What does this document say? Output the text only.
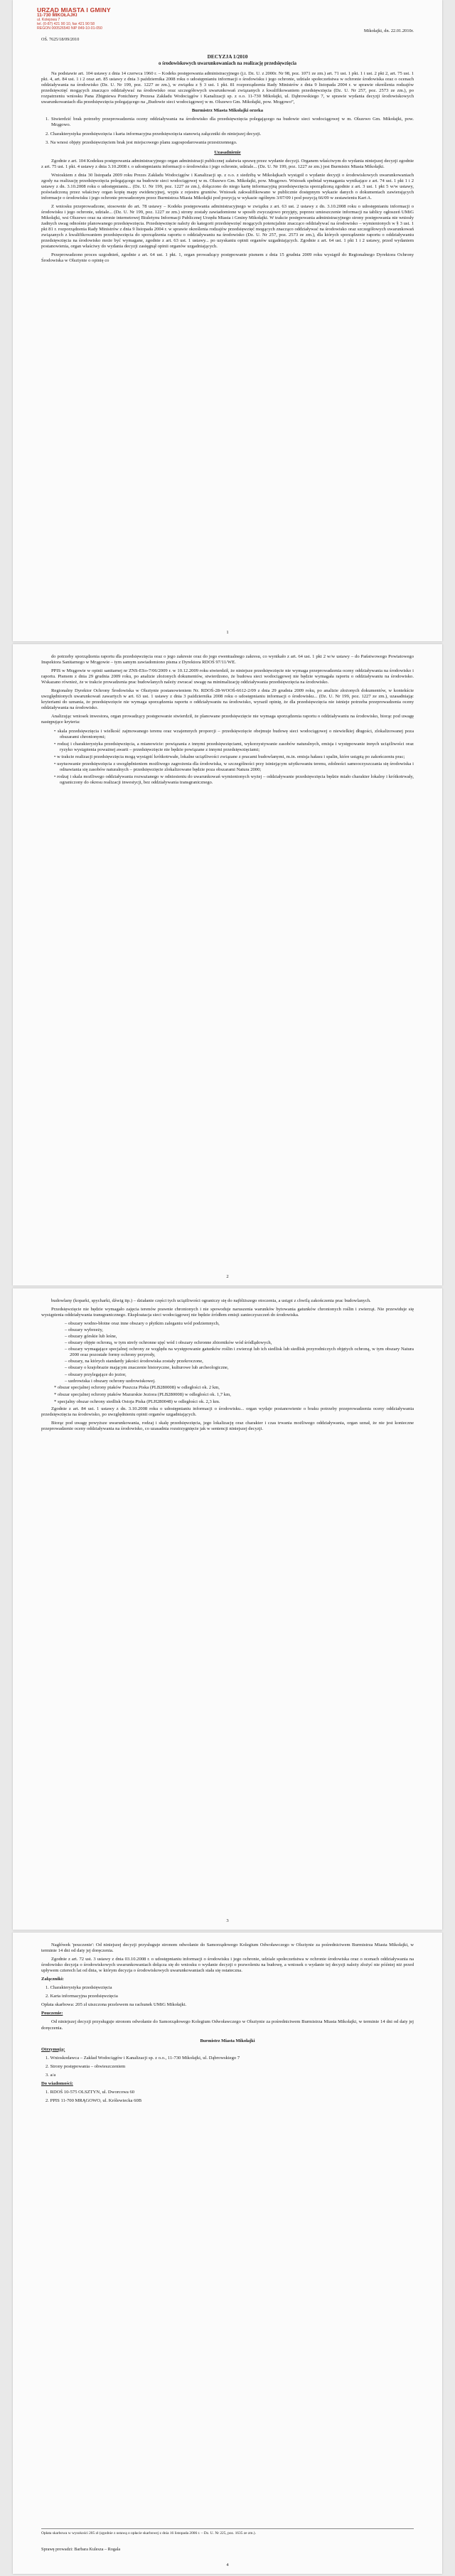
URZĄD MIASTA I GMINY
11-730 MIKOŁAJKI
ul. Kolejowa 7
tel. (0-87) 421 90 10, fax 421 90 58
REGON 000526540 NIP 849-10-01-050	Mikołajki, dn. 22.01.2010r.
OŚ. 7625/18/09/2010
DECYZJA 1/2010
o środowiskowych uwarunkowaniach na realizację przedsięwzięcia

Na podstawie art. 104 ustawy z dnia 14 czerwca 1960 r. – Kodeks postępowania administracyjnego (j.t. Dz. U. z 2000r. Nr 98, poz. 1071 ze zm.) art. 71 ust. 1 pkt. 1 i ust. 2 pkt 2, art. 75 ust. 1 pkt. 4, art. 84 ust. 1 i 2 oraz art. 85 ustawy z dnia 3 października 2008 roku o udostępnianiu informacji o środowisku i jego ochronie, udziale społeczeństwa w ochronie środowiska oraz o ocenach oddziaływania na środowisko (Dz. U. Nr 199, poz. 1227 ze zm.), w związku z § 3 ust. 1 pkt. 81 rozporządzenia Rady Ministrów z dnia 9 listopada 2004 r. w sprawie określenia rodzajów przedsięwzięć mogących znacząco oddziaływać na środowisko oraz szczegółowych uwarunkowań związanych z kwalifikowaniem przedsięwzięcia (Dz. U. Nr 257, poz. 2573 ze zm.), po rozpatrzeniu wniosku Pana Zbigniewa Ponichtery Prezesa Zakładu Wodociągów i Kanalizacji sp. z o.o. 11-730 Mikołajki, ul. Dąbrowskiego 7, w sprawie wydania decyzji środowiskowych uwarunkowaniach dla przedsięwzięcia polegającego na „Budowie sieci wodociągowej w m. Olszewo Gm. Mikołajki, pow. Mrągowo”,

Burmistrz Miasta Mikołajki orzeka

1. Stwierdzić brak potrzeby przeprowadzenia oceny oddziaływania na środowisko dla przedsięwzięcia polegającego na budowie sieci wodociągowej w m. Olszewo Gm. Mikołajki, pow. Mrągowo.

2. Charakterystyka przedsięwzięcia i karta informacyjna przedsięwzięcia stanowią załączniki do niniejszej decyzji.

3. Na wnosi objęty przedsięwzięciem brak jest miejscowego planu zagospodarowania przestrzennego.

Uzasadnienie

Zgodnie z art. 104 Kodeksu postępowania administracyjnego organ administracji publicznej załatwia sprawę przez wydanie decyzji. Organem właściwym do wydania niniejszej decyzji zgodnie z art. 75 ust. 1 pkt. 4 ustawy z dnia 3.10.2008 r. o udostępnianiu informacji o środowisku i jego ochronie, udziale... (Dz. U. Nr 199, poz. 1227 ze zm.) jest Burmistrz Miasta Mikołajki.

Wnioskiem z dnia 30 listopada 2009 roku Prezes Zakładu Wodociągów i Kanalizacji sp. z o.o. z siedzibą w Mikołajkach wystąpił o wydanie decyzji o środowiskowych uwarunkowaniach zgody na realizację przedsięwzięcia polegającego na budowie sieci wodociągowej w m. Olszewo Gm. Mikołajki, pow. Mrągowo. Wniosek spełniał wymagania wynikające z art. 74 ust. 1 pkt 1 i 2 ustawy z dn. 3.10.2008 roku o udostępnianiu... (Dz. U. Nr 199, poz. 1227 ze zm.), dołączono do niego kartę informacyjną przedsięwzięcia sporządzoną zgodnie z art. 3 ust. 1 pkt 5 w/w ustawy, poświadczoną przez właściwy organ kopię mapy ewidencyjnej, wypis z rejestru gruntów. Wniosek zakwalifikowano w publicznie dostępnym wykazie danych o dokumentach zawierających informacje o środowisku i jego ochronie prowadzonym przez Burmistrza Miasta Mikołajki pod pozycją w wykazie ogólnym 3/07/09 i pod pozycją 66/09 w zestawieniu Kart A.

Z wniosku przeprowadzone, stosownie do art. 78 ustawy – Kodeks postępowania administracyjnego w związku z art. 63 ust. 2 ustawy z dn. 3.10.2008 roku o udostępnianiu informacji o środowisku i jego ochronie, udziale... (Dz. U. Nr 199, poz. 1227 ze zm.) strony zostały zawiadomione w sposób zwyczajowo przyjęty, poprzez umieszczenie informacji na tablicy ogłoszeń UMiG Mikołajki, wsi Olszewo oraz na stronie internetowej Biuletynu Informacji Publicznej Urzędu Miasta i Gminy Mikołajki. W trakcie postępowania administracyjnego strony postępowania nie wniosły żadnych uwag odnośnie planowanego przedsięwzięcia. Przedsięwzięcie należy do kategorii przedsięwzięć mogących potencjalnie znacząco oddziaływać na środowisko – wymienionych w § 3 ust. 1 pkt 81 r. rozporządzenia Rady Ministrów z dnia 9 listopada 2004 r. w sprawie określenia rodzajów przedsięwzięć mogących znacząco oddziaływać na środowisko oraz szczegółowych uwarunkowań związanych z kwalifikowaniem przedsięwzięcia do sporządzenia raportu o oddziaływaniu na środowisko (Dz. U. Nr 257, poz. 2573 ze zm.), dla których sporządzenie raportu o oddziaływaniu przedsięwzięcia na środowisko może być wymagane, zgodnie z art. 63 ust. 1 ustawy... po uzyskaniu opinii organów uzgadniających. Zgodnie z art. 64 ust. 1 pkt 1 i 2 ustawy, przed wydaniem postanowienia, organ właściwy do wydania decyzji zasięgnął opinii organów uzgadniających.

Przeprowadzono proces uzgodnień, zgodnie z art. 64 ust. 1 pkt. 1, organ prowadzący postępowanie pismem z dnia 15 grudnia 2009 roku wystąpił do Regionalnego Dyrektora Ochrony Środowiska w Olsztynie o opinię co

1

do potrzeby sporządzenia raportu dla przedsięwzięcia oraz o jego zakresie oraz do jego ewentualnego zakresu, co wynikało z art. 64 ust. 1 pkt 2 w/w ustawy – do Państwowego Powiatowego Inspektora Sanitarnego w Mrągowie – tym samym zawiadomiono pisma z Dyrektora RDOŚ 97/11/WE.

PPIS w Mrągowie w opinii sanitarnej nr ZNS-ESo-7/06/2009 r. w 10.12.2009 roku stwierdził, że niniejsze przedsięwzięcie nie wymaga przeprowadzenia oceny oddziaływania na środowisko i raportu. Pismem z dnia 29 grudnia 2009 roku, po analizie złożonych dokumentów, stwierdzono, że budowa sieci wodociągowej nie będzie wymagała raportu o oddziaływaniu na środowisko. Wskazano również, że w trakcie prowadzenia prac budowlanych należy zwracać uwagę na minimalizację oddziaływania przedsięwzięcia na środowisko.

Regionalny Dyrektor Ochrony Środowiska w Olsztynie postanowieniem Nr. RDOŚ-28-WOOŚ-6612-2/09 z dnia 29 grudnia 2009 roku, po analizie złożonych dokumentów, w kontekście uwzględnionych uwarunkowań zawartych w art. 63 ust. 1 ustawy z dnia 3 października 2008 roku o udostępnianiu informacji o środowisku... (Dz. U. Nr 199, poz. 1227 ze zm.), uzasadniając kryteriami do uznania, że przedsięwzięcie nie wymaga sporządzenia raportu o oddziaływaniu na środowisko, wyraził opinię, że dla przedsięwzięcia nie istnieje potrzeba przeprowadzenia oceny oddziaływania na środowisko.

Analizując wniosek inwestora, organ prowadzący postępowanie stwierdził, że planowane przedsięwzięcie nie wymaga sporządzenia raportu o oddziaływaniu na środowisko, biorąc pod uwagę następujące kryteria:

• skala przedsięwzięcia i wielkość zajmowanego terenu oraz wzajemnych proporcji – przedsięwzięcie obejmuje budowę sieci wodociągowej o niewielkiej długości, zlokalizowanej poza obszarami chronionymi;

• rodzaj i charakterystyka przedsięwzięcia, a mianowicie: powiązania z innymi przedsięwzięciami, wykorzystywanie zasobów naturalnych, emisja i występowanie innych uciążliwości oraz ryzyko wystąpienia poważnej awarii – przedsięwzięcie nie będzie powiązane z innymi przedsięwzięciami;

• w trakcie realizacji przedsięwzięcia mogą wystąpić krótkotrwałe, lokalne uciążliwości związane z pracami budowlanymi, m.in. emisja hałasu i spalin, które ustąpią po zakończeniu prac;

• usytuowanie przedsięwzięcia z uwzględnieniem możliwego zagrożenia dla środowiska, w szczególności przy istniejącym użytkowaniu terenu, zdolności samooczyszczania się środowiska i odnawiania się zasobów naturalnych – przedsięwzięcie zlokalizowane będzie poza obszarami Natura 2000;

• rodzaj i skala możliwego oddziaływania rozważanego w odniesieniu do uwarunkowań wymienionych wyżej – oddziaływanie przedsięwzięcia będzie miało charakter lokalny i krótkotrwały, ograniczony do okresu realizacji inwestycji, bez oddziaływania transgranicznego.

2

budowlany (koparki, spycharki, dźwig itp.) – działanie części tych uciążliwości ograniczy się do najbliższego otoczenia, a ustąpi z chwilą zakończenia prac budowlanych.

Przedsięwzięcie nie będzie wymagało zajęcia terenów prawnie chronionych i nie spowoduje naruszenia warunków bytowania gatunków chronionych roślin i zwierząt. Nie przewiduje się wystąpienia oddziaływania transgranicznego. Eksploatacja sieci wodociągowej nie będzie źródłem emisji zanieczyszczeń do środowiska.

– obszary wodno-błotne oraz inne obszary o płytkim zaleganiu wód podziemnych,

– obszary wybrzeży,

– obszary górskie lub leśne,

– obszary objęte ochroną, w tym strefy ochronne ujęć wód i obszary ochronne zbiorników wód śródlądowych,

– obszary wymagające specjalnej ochrony ze względu na występowanie gatunków roślin i zwierząt lub ich siedlisk lub siedlisk przyrodniczych objętych ochroną, w tym obszary Natura 2000 oraz pozostałe formy ochrony przyrody,

– obszary, na których standardy jakości środowiska zostały przekroczone,

– obszary o krajobrazie mającym znaczenie historyczne, kulturowe lub archeologiczne,

– obszary przylegające do jezior,

– uzdrowiska i obszary ochrony uzdrowiskowej.

* obszar specjalnej ochrony ptaków Puszcza Piska (PLB280008) w odległości ok. 2 km,

* obszar specjalnej ochrony ptaków Mazurskie Jeziora (PLB280008) w odległości ok. 1,7 km,

* specjalny obszar ochrony siedlisk Ostoja Piska (PLH280048) w odległości ok. 2,3 km.

Zgodnie z art. 84 ust. 1 ustawy z dn. 3.10.2008 roku o udostępnianiu informacji o środowisku... organ wydaje postanowienie o braku potrzeby przeprowadzenia oceny oddziaływania przedsięwzięcia na środowisko, po uwzględnieniu opinii organów uzgadniających.

Biorąc pod uwagę powyższe uwarunkowania, rodzaj i skalę przedsięwzięcia, jego lokalizację oraz charakter i czas trwania możliwego oddziaływania, organ uznał, że nie jest konieczne przeprowadzenie oceny oddziaływania na środowisko, co uzasadnia rozstrzygnięcie jak w sentencji niniejszej decyzji.

3

Nagłówek 'pouczenie': Od niniejszej decyzji przysługuje stronom odwołanie do Samorządowego Kolegium Odwoławczego w Olsztynie za pośrednictwem Burmistrza Miasta Mikołajki, w terminie 14 dni od daty jej doręczenia.

Zgodnie z art. 72 ust. 3 ustawy z dnia 03.10.2008 r. o udostępnianiu informacji o środowisku i jego ochronie, udziale społeczeństwa w ochronie środowiska oraz o ocenach oddziaływania na środowisko decyzja o środowiskowych uwarunkowaniach dołącza się do wniosku o wydanie decyzji o pozwoleniu na budowę, a wniosek o wydanie tej decyzji należy złożyć nie później niż przed upływem czterech lat od dnia, w którym decyzja o środowiskowych uwarunkowaniach stała się ostateczna.

Załączniki:

1. Charakterystyka przedsięwzięcia

2. Karta informacyjna przedsięwzięcia

Opłata skarbowa: 205 zł uiszczona przelewem na rachunek UMiG Mikołajki.

Pouczenie:

Od niniejszej decyzji przysługuje stronom odwołanie do Samorządowego Kolegium Odwoławczego w Olsztynie za pośrednictwem Burmistrza Miasta Mikołajki, w terminie 14 dni od daty jej doręczenia.

Burmistrz Miasta Mikołajki

Otrzymują:

1. Wnioskodawca – Zakład Wodociągów i Kanalizacji sp. z o.o., 11-730 Mikołajki, ul. Dąbrowskiego 7

2. Strony postępowania – obwieszczeniem

3. a/a

Do wiadomości:

1. RDOŚ 10-575 OLSZTYN, ul. Dworcowa 60

2. PPIS 11-700 MRĄGOWO, ul. Królewiecka 60B

Opłata skarbowa w wysokości 205 zł (zgodnie z ustawą o opłacie skarbowej z dnia 16 listopada 2006 r. – Dz. U. Nr 225, poz. 1635 ze zm.).
Sprawę prowadzi: Barbara Kulesza – Rogala
4
